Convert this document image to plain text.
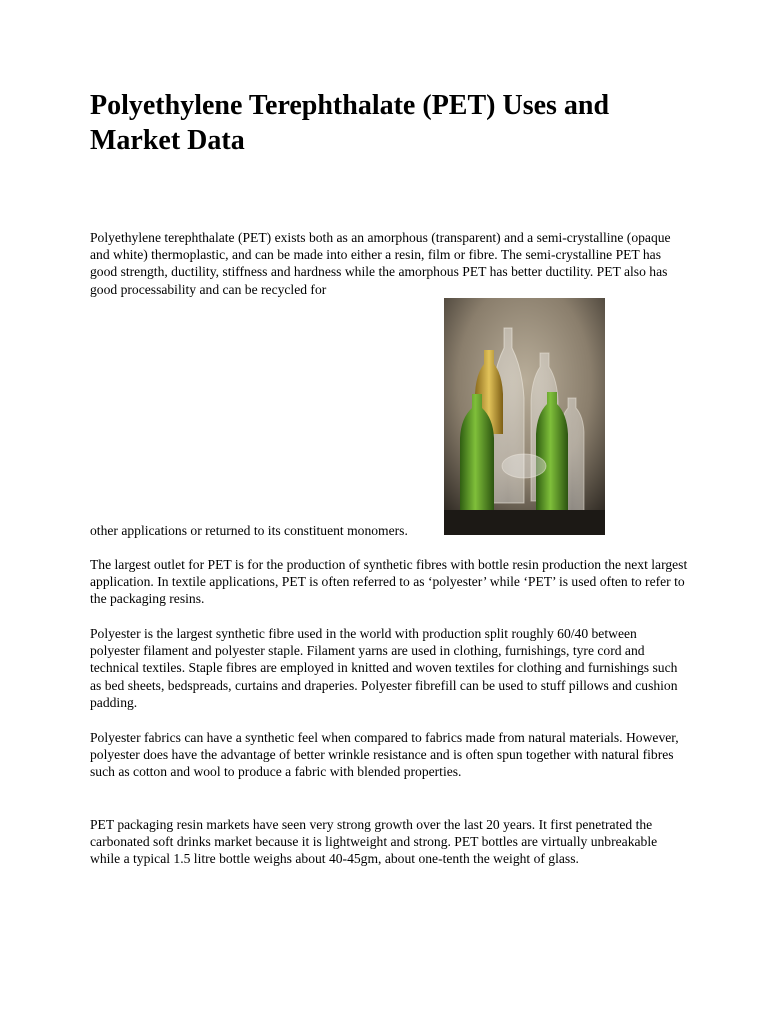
Polyethylene Terephthalate (PET) Uses and Market Data

Polyethylene terephthalate (PET) exists both as an amorphous (transparent) and a semi-crystalline (opaque and white) thermoplastic, and can be made into either a resin, film or fibre. The semi-crystalline PET has good strength, ductility, stiffness and hardness while the amorphous PET has better ductility. PET also has good processability and can be recycled for

other applications or returned to its constituent monomers.

The largest outlet for PET is for the production of synthetic fibres with bottle resin production the next largest application. In textile applications, PET is often referred to as ‘polyester’ while ‘PET’ is used often to refer to the packaging resins.

Polyester is the largest synthetic fibre used in the world with production split roughly 60/40 between polyester filament and polyester staple. Filament yarns are used in clothing, furnishings, tyre cord and technical textiles. Staple fibres are employed in knitted and woven textiles for clothing and furnishings such as bed sheets, bedspreads, curtains and draperies. Polyester fibrefill can be used to stuff pillows and cushion padding.

Polyester fabrics can have a synthetic feel when compared to fabrics made from natural materials. However, polyester does have the advantage of better wrinkle resistance and is often spun together with natural fibres such as cotton and wool to produce a fabric with blended properties.

PET packaging resin markets have seen very strong growth over the last 20 years. It first penetrated the carbonated soft drinks market because it is lightweight and strong. PET bottles are virtually unbreakable while a typical 1.5 litre bottle weighs about 40-45gm, about one-tenth the weight of glass.
